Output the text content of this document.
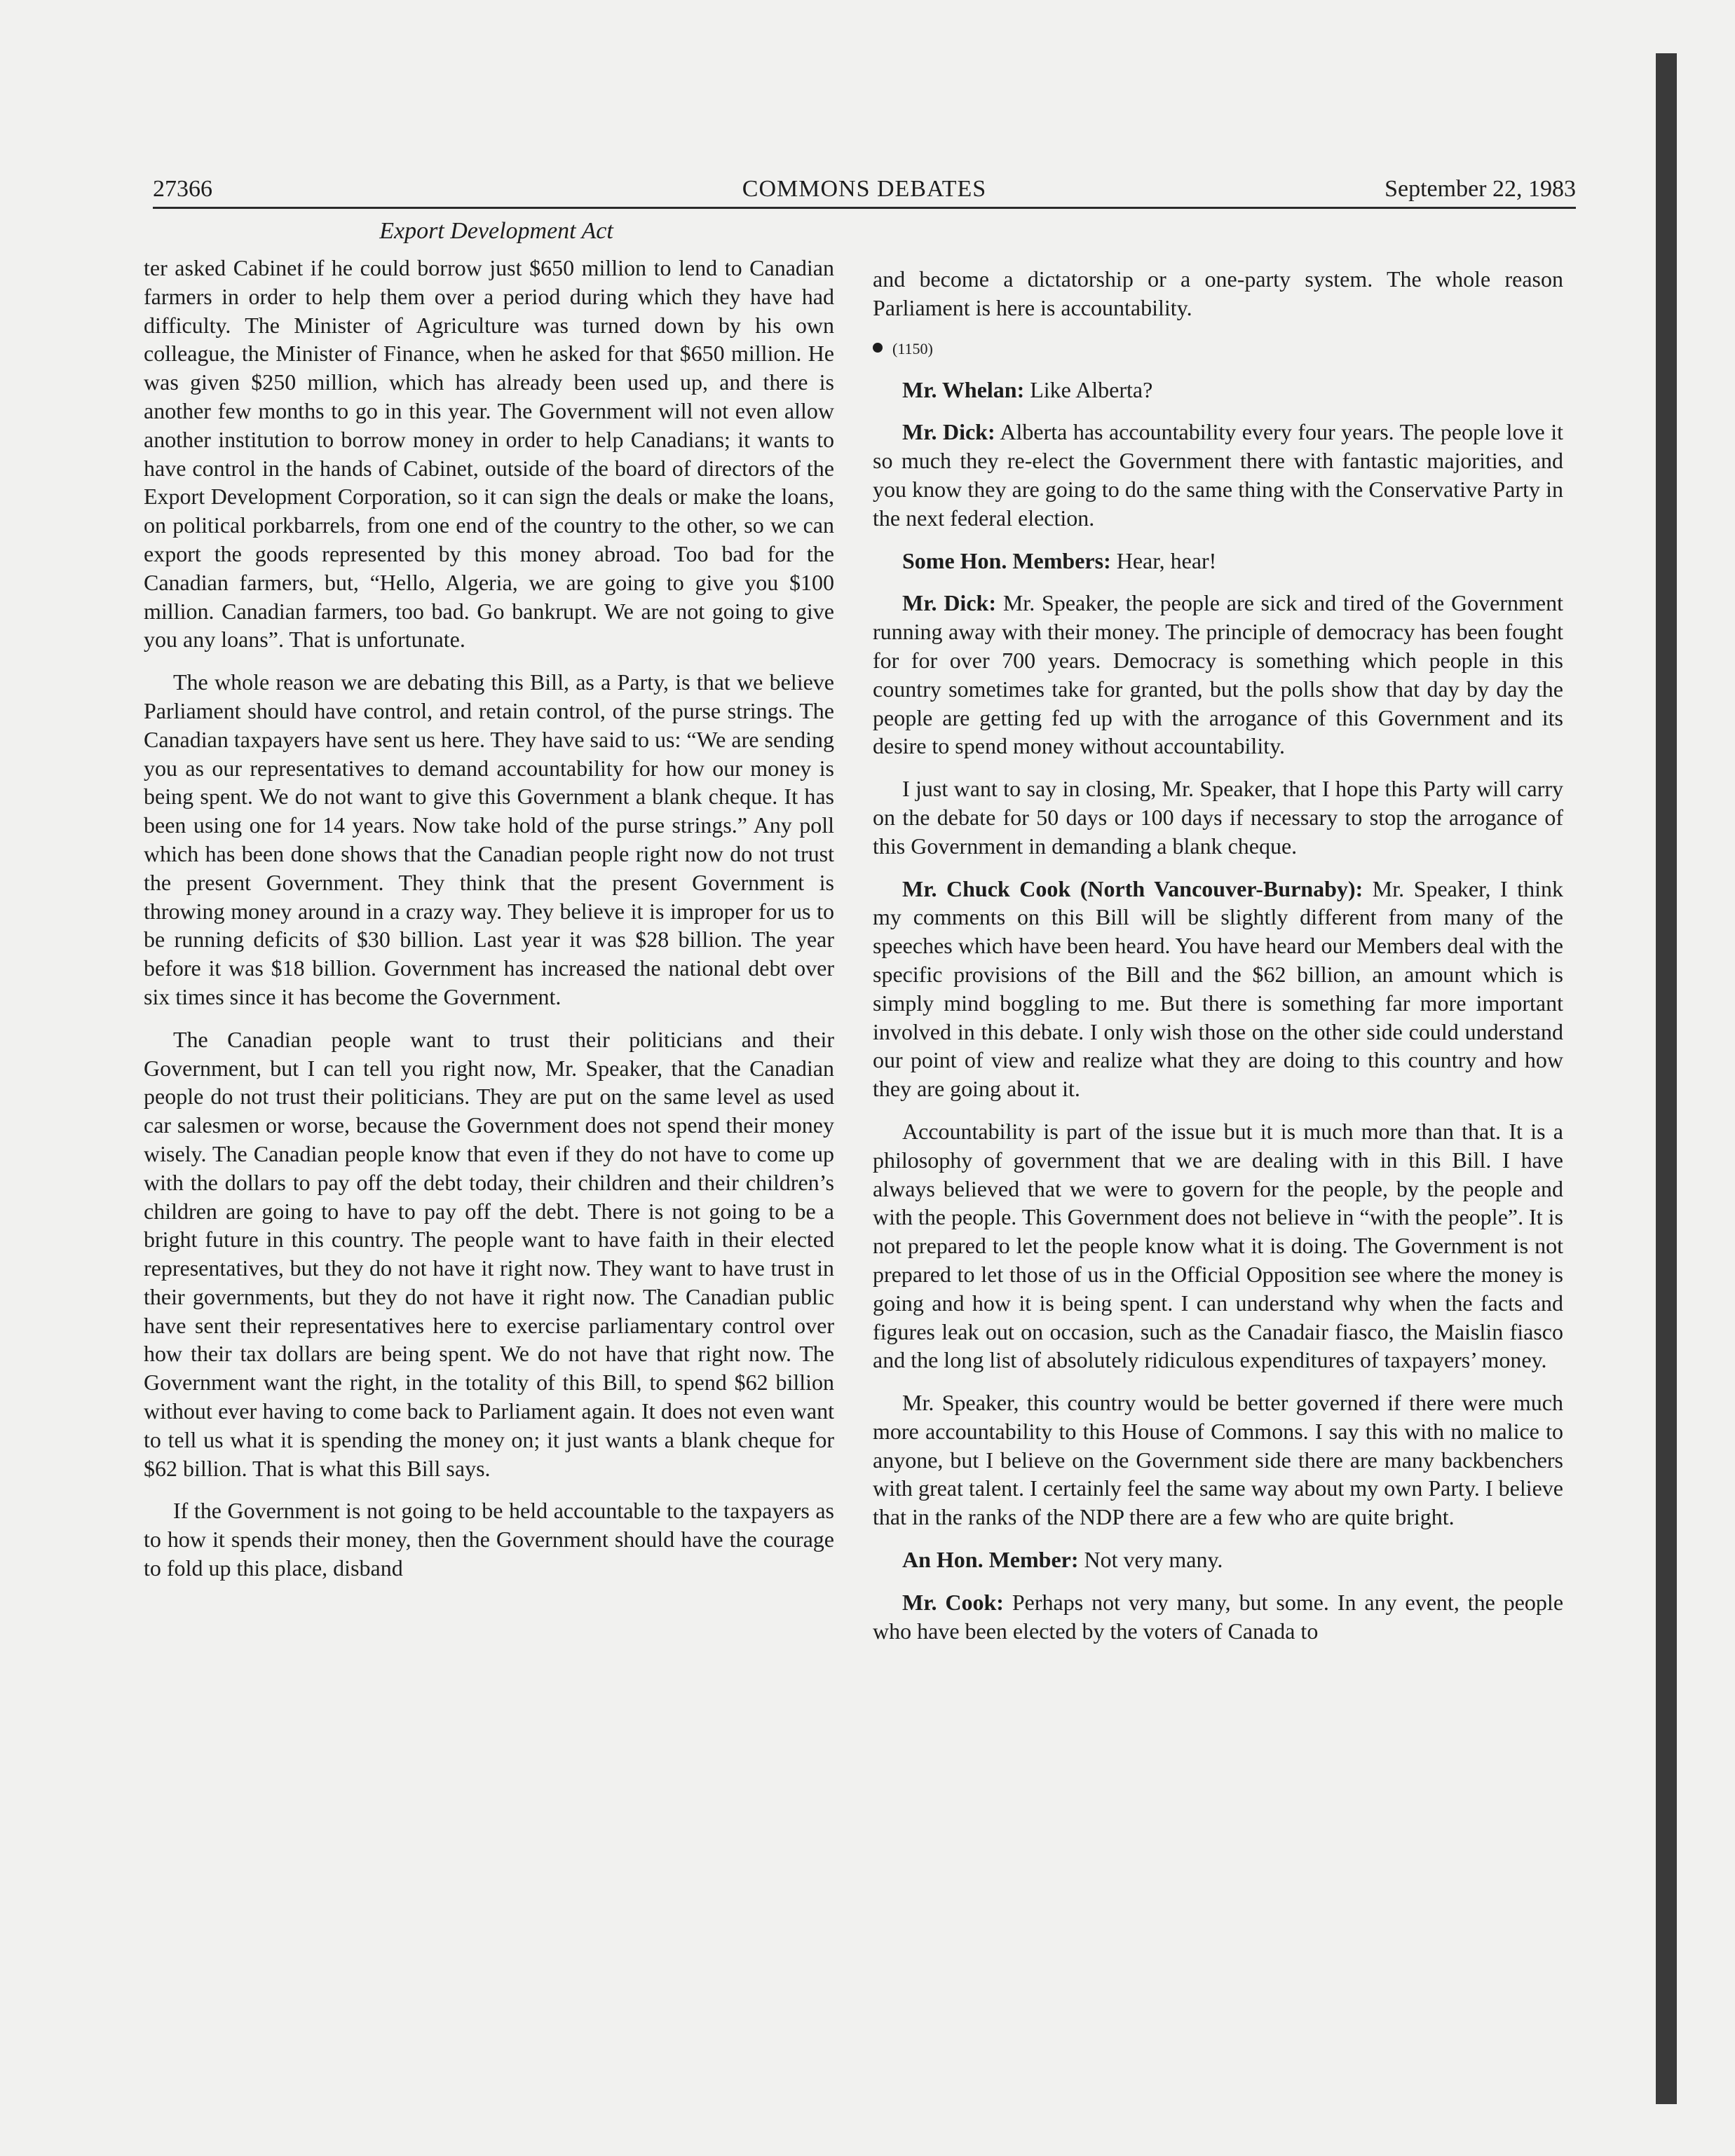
27366	COMMONS DEBATES	September 22, 1983
Export Development Act

ter asked Cabinet if he could borrow just $650 million to lend to Canadian farmers in order to help them over a period during which they have had difficulty. The Minister of Agriculture was turned down by his own colleague, the Minister of Finance, when he asked for that $650 million. He was given $250 million, which has already been used up, and there is another few months to go in this year. The Government will not even allow another institution to borrow money in order to help Canadians; it wants to have control in the hands of Cabinet, outside of the board of directors of the Export Development Corporation, so it can sign the deals or make the loans, on political porkbarrels, from one end of the country to the other, so we can export the goods represented by this money abroad. Too bad for the Canadian farmers, but, “Hello, Algeria, we are going to give you $100 million. Canadian farmers, too bad. Go bankrupt. We are not going to give you any loans”. That is unfortunate.

The whole reason we are debating this Bill, as a Party, is that we believe Parliament should have control, and retain control, of the purse strings. The Canadian taxpayers have sent us here. They have said to us: “We are sending you as our representatives to demand accountability for how our money is being spent. We do not want to give this Government a blank cheque. It has been using one for 14 years. Now take hold of the purse strings.” Any poll which has been done shows that the Canadian people right now do not trust the present Government. They think that the present Government is throwing money around in a crazy way. They believe it is improper for us to be running deficits of $30 billion. Last year it was $28 billion. The year before it was $18 billion. Government has increased the national debt over six times since it has become the Government.

The Canadian people want to trust their politicians and their Government, but I can tell you right now, Mr. Speaker, that the Canadian people do not trust their politicians. They are put on the same level as used car salesmen or worse, because the Government does not spend their money wisely. The Canadian people know that even if they do not have to come up with the dollars to pay off the debt today, their children and their children’s children are going to have to pay off the debt. There is not going to be a bright future in this country. The people want to have faith in their elected representatives, but they do not have it right now. They want to have trust in their governments, but they do not have it right now. The Canadian public have sent their representatives here to exercise parliamentary control over how their tax dollars are being spent. We do not have that right now. The Government want the right, in the totality of this Bill, to spend $62 billion without ever having to come back to Parliament again. It does not even want to tell us what it is spending the money on; it just wants a blank cheque for $62 billion. That is what this Bill says.

If the Government is not going to be held accountable to the taxpayers as to how it spends their money, then the Government should have the courage to fold up this place, disband

and become a dictatorship or a one-party system. The whole reason Parliament is here is accountability.

(1150)

Mr. Whelan: Like Alberta?

Mr. Dick: Alberta has accountability every four years. The people love it so much they re-elect the Government there with fantastic majorities, and you know they are going to do the same thing with the Conservative Party in the next federal election.

Some Hon. Members: Hear, hear!

Mr. Dick: Mr. Speaker, the people are sick and tired of the Government running away with their money. The principle of democracy has been fought for for over 700 years. Democracy is something which people in this country sometimes take for granted, but the polls show that day by day the people are getting fed up with the arrogance of this Government and its desire to spend money without accountability.

I just want to say in closing, Mr. Speaker, that I hope this Party will carry on the debate for 50 days or 100 days if necessary to stop the arrogance of this Government in demanding a blank cheque.

Mr. Chuck Cook (North Vancouver-Burnaby): Mr. Speaker, I think my comments on this Bill will be slightly different from many of the speeches which have been heard. You have heard our Members deal with the specific provisions of the Bill and the $62 billion, an amount which is simply mind boggling to me. But there is something far more important involved in this debate. I only wish those on the other side could understand our point of view and realize what they are doing to this country and how they are going about it.

Accountability is part of the issue but it is much more than that. It is a philosophy of government that we are dealing with in this Bill. I have always believed that we were to govern for the people, by the people and with the people. This Government does not believe in “with the people”. It is not prepared to let the people know what it is doing. The Government is not prepared to let those of us in the Official Opposition see where the money is going and how it is being spent. I can understand why when the facts and figures leak out on occasion, such as the Canadair fiasco, the Maislin fiasco and the long list of absolutely ridiculous expenditures of taxpayers’ money.

Mr. Speaker, this country would be better governed if there were much more accountability to this House of Commons. I say this with no malice to anyone, but I believe on the Government side there are many backbenchers with great talent. I certainly feel the same way about my own Party. I believe that in the ranks of the NDP there are a few who are quite bright.

An Hon. Member: Not very many.

Mr. Cook: Perhaps not very many, but some. In any event, the people who have been elected by the voters of Canada to
